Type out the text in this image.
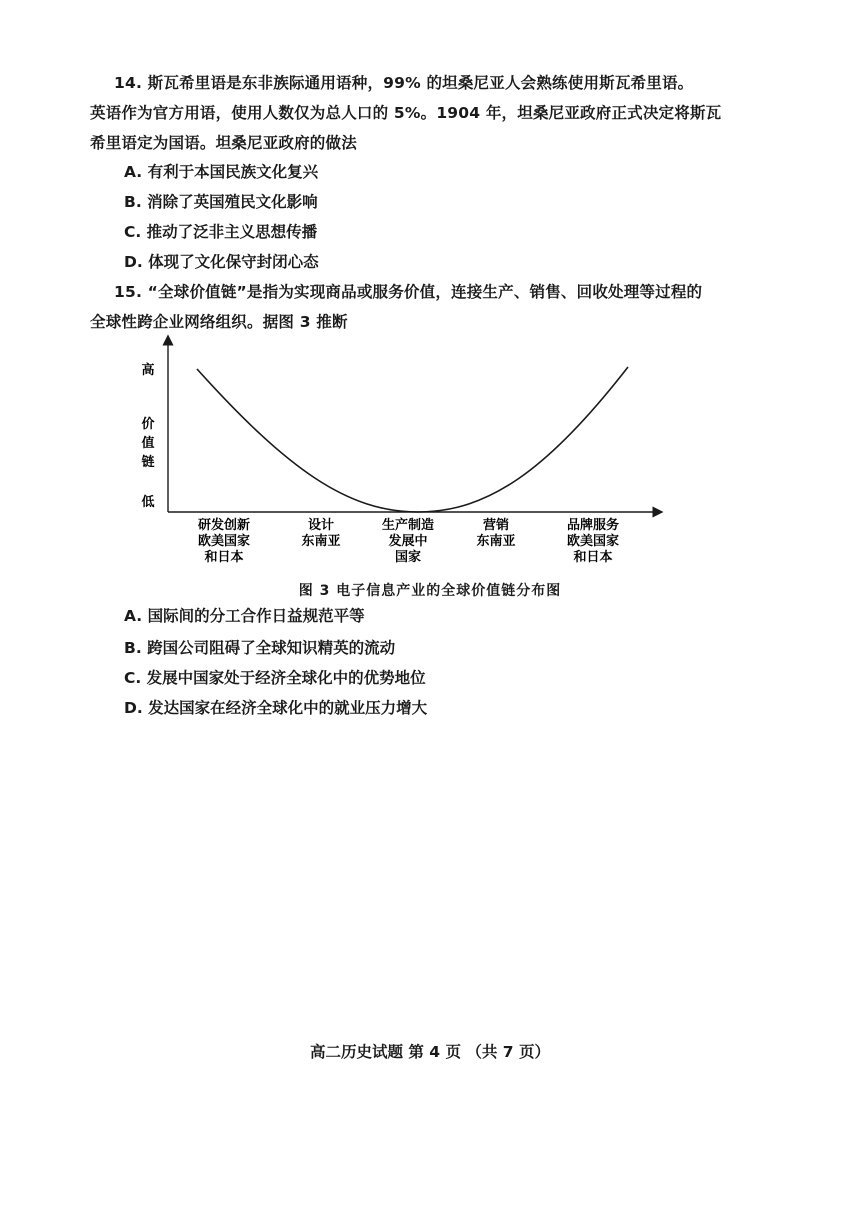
14. 斯瓦希里语是东非族际通用语种，99% 的坦桑尼亚人会熟练使用斯瓦希里语。

英语作为官方用语，使用人数仅为总人口的 5%。1904 年，坦桑尼亚政府正式决定将斯瓦

希里语定为国语。坦桑尼亚政府的做法

A. 有利于本国民族文化复兴
B. 消除了英国殖民文化影响
C. 推动了泛非主义思想传播
D. 体现了文化保守封闭心态

15. “全球价值链”是指为实现商品或服务价值，连接生产、销售、回收处理等过程的

全球性跨企业网络组织。据图 3 推断

高
价
值
链
低
研发创新
欧美国家
和日本
设计
东南亚
生产制造
发展中
国家
营销
东南亚
品牌服务
欧美国家
和日本
图 3 电子信息产业的全球价值链分布图
A. 国际间的分工合作日益规范平等
B. 跨国公司阻碍了全球知识精英的流动
C. 发展中国家处于经济全球化中的优势地位
D. 发达国家在经济全球化中的就业压力增大
高二历史试题 第 4 页 （共 7 页）
